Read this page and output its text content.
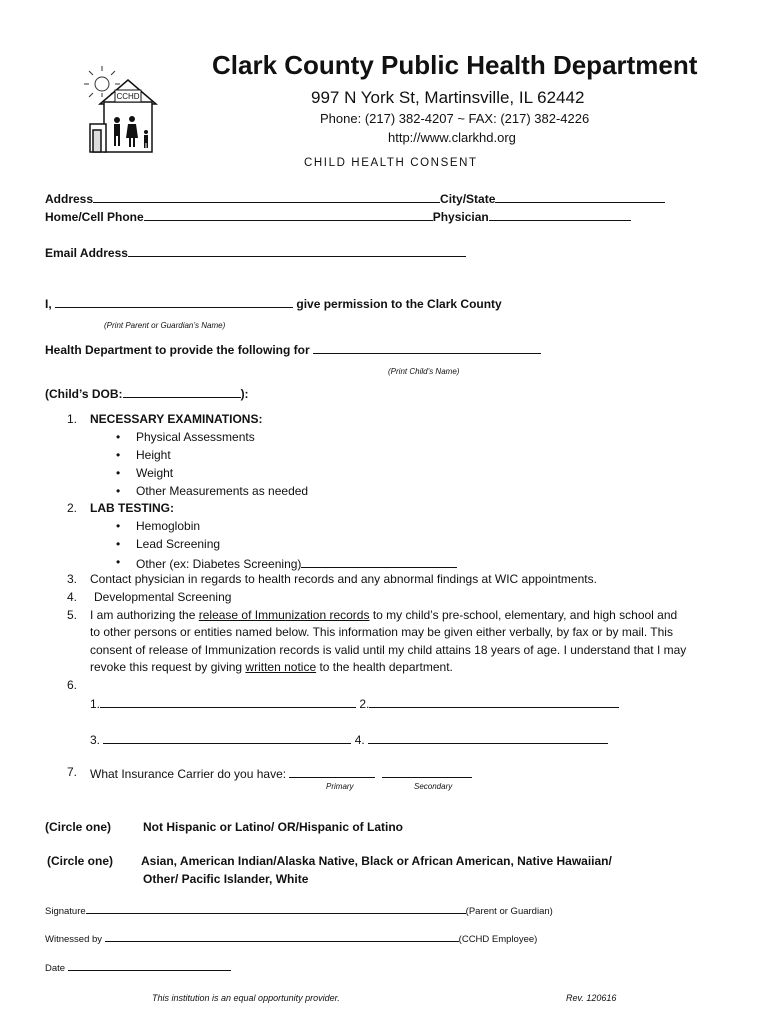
CCHD
Clark County Public Health Department
997 N York St, Martinsville, IL 62442
Phone: (217) 382-4207 ~ FAX: (217) 382-4226
http://www.clarkhd.org
CHILD HEALTH CONSENT
Address	City/State
Home/Cell Phone	Physician
Email Address
I,	give permission to the Clark County
(Print Parent or Guardian’s Name)
Health Department to provide the following for
(Print Child’s Name)
(Child’s DOB:	):
1. NECESSARY EXAMINATIONS:
• Physical Assessments
• Height
• Weight
• Other Measurements as needed
2. LAB TESTING:
• Hemoglobin
• Lead Screening
• Other (ex: Diabetes Screening)
3. Contact physician in regards to health records and any abnormal findings at WIC appointments.
4. Developmental Screening
5. I am authorizing the release of Immunization records to my child’s pre-school, elementary, and high school and
to other persons or entities named below. This information may be given either verbally, by fax or by mail. This
consent of release of Immunization records is valid until my child attains 18 years of age. I understand that I may
revoke this request by giving written notice to the health department.
6.
1.	2.
3.	4.
7. What Insurance Carrier do you have:
Primary	Secondary
(Circle one)	Not Hispanic or Latino/ OR/Hispanic of Latino
(Circle one) Asian, American Indian/Alaska Native, Black or African American, Native Hawaiian/
Other/ Pacific Islander, White
Signature	(Parent or Guardian)
Witnessed by	(CCHD Employee)
Date
This institution is an equal opportunity provider.	Rev. 120616
